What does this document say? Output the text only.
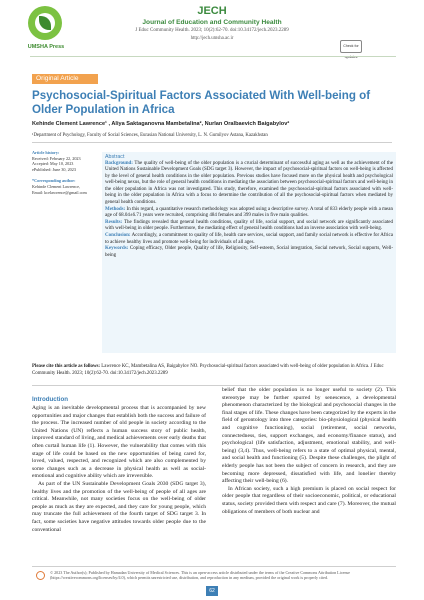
UMSHA Press
JECH
Journal of Education and Community Health
J Educ Community Health. 2023; 10(2):62-70. doi:10.34172/jech.2023.2289
http://jech.umsha.ac.ir
Check for updates
Original Article
Psychosocial-Spiritual Factors Associated With Well-being of Older Population in Africa
Kehinde Clement Lawrence¹ , Aliya Saktaganovna Mambetalina², Nurlan Oralbaevich Baigabylov²
¹Department of Psychology, Faculty of Social Sciences, Eurasian National University, L. N. Gumilyov Astana, Kazakhstan
Article history:
Received: February 22, 2023
Accepted: May 10, 2023
ePublished: June 30, 2023
*Corresponding author:
Kehinde Clement Lawrence,
Email: kcelawrence@gmail.com
Abstract

Background: The quality of well-being of the older population is a crucial determinant of successful aging as well as the achievement of the United Nations Sustainable Development Goals (SDG target 3). However, the impact of psychosocial-spiritual factors on well-being is affected by the level of general health conditions in the older population. Previous studies have focused more on the physical health and psychological well-being nexus, but the role of general health conditions in mediating the association between psychosocial-spiritual factors and well-being in the older population in Africa was not investigated. This study, therefore, examined the psychosocial-spiritual factors associated with well-being in the older population in Africa with a focus to determine the contribution of all the psychosocial-spiritual factors when mediated by general health conditions.

Methods: In this regard, a quantitative research methodology was adopted using a descriptive survey. A total of 833 elderly people with a mean age of 68.04±6.71 years were recruited, comprising 484 females and 399 males in five main qualities.

Results: The findings revealed that general health conditions, quality of life, social support, and social network are significantly associated with well-being in older people. Furthermore, the mediating effect of general health conditions had an inverse association with well-being.

Conclusion: Accordingly, a commitment to quality of life, health care services, social support, and family social network is effective for Africa to achieve healthy lives and promote well-being for individuals of all ages.

Keywords: Coping efficacy, Older people, Quality of life, Religiosity, Self-esteem, Social integration, Social network, Social supports, Well-being

Please cite this article as follows: Lawrence KC, Mambetalina AS, Baigabylov NO. Psychosocial-spiritual factors associated with well-being of older population in Africa. J Educ Community Health. 2023; 10(2):62-70. doi:10.34172/jech.2023.2289
Introduction

Aging is an inevitable developmental process that is accompanied by new opportunities and major changes that establish both the success and failure of the process. The increased number of old people in society according to the United Nations (UN) reflects a human success story of public health, improved standard of living, and medical achievements over early deaths that often curtail human life (1). However, the vulnerability that comes with this stage of life could be based on the new opportunities of being cared for, loved, valued, respected, and recognized which are also complemented by some changes such as a decrease in physical health as well as social-emotional and cognitive ability which are irreversible.

As part of the UN Sustainable Development Goals 2030 (SDG target 3), healthy lives and the promotion of the well-being of people of all ages are critical. Meanwhile, not many societies focus on the well-being of older people as much as they are expected, and they care for young people, which may truncate the full achievement of the fourth target of SDG target 3. In fact, some societies have negative attitudes towards older people due to the conventional

belief that the older population is no longer useful to society (2). This stereotype may be further spurred by senescence, a developmental phenomenon characterized by the biological and psychosocial changes in the final stages of life. These changes have been categorized by the experts in the field of gerontology into three categories: bio-physiological (physical health and cognitive functioning), social (retirement, social networks, connectedness, ties, support exchanges, and economy/finance status), and psychological (life satisfaction, adjustment, emotional stability, and well-being) (3,4). Thus, well-being refers to a state of optimal physical, mental, and social health and functioning (5). Despite these challenges, the plight of elderly people has not been the subject of concern in research, and they are becoming more depressed, dissatisfied with life, and lonelier thereby affecting their well-being (6).

In African society, such a high premium is placed on social respect for older people that regardless of their socioeconomic, political, or educational status, society provided them with respect and care (7). Moreover, the mutual obligations of members of both nuclear and

© 2023 The Author(s); Published by Hamadan University of Medical Sciences. This is an open-access article distributed under the terms of the Creative Commons Attribution License (https://creativecommons.org/licenses/by/4.0), which permits unrestricted use, distribution, and reproduction in any medium, provided the original work is properly cited.
62
